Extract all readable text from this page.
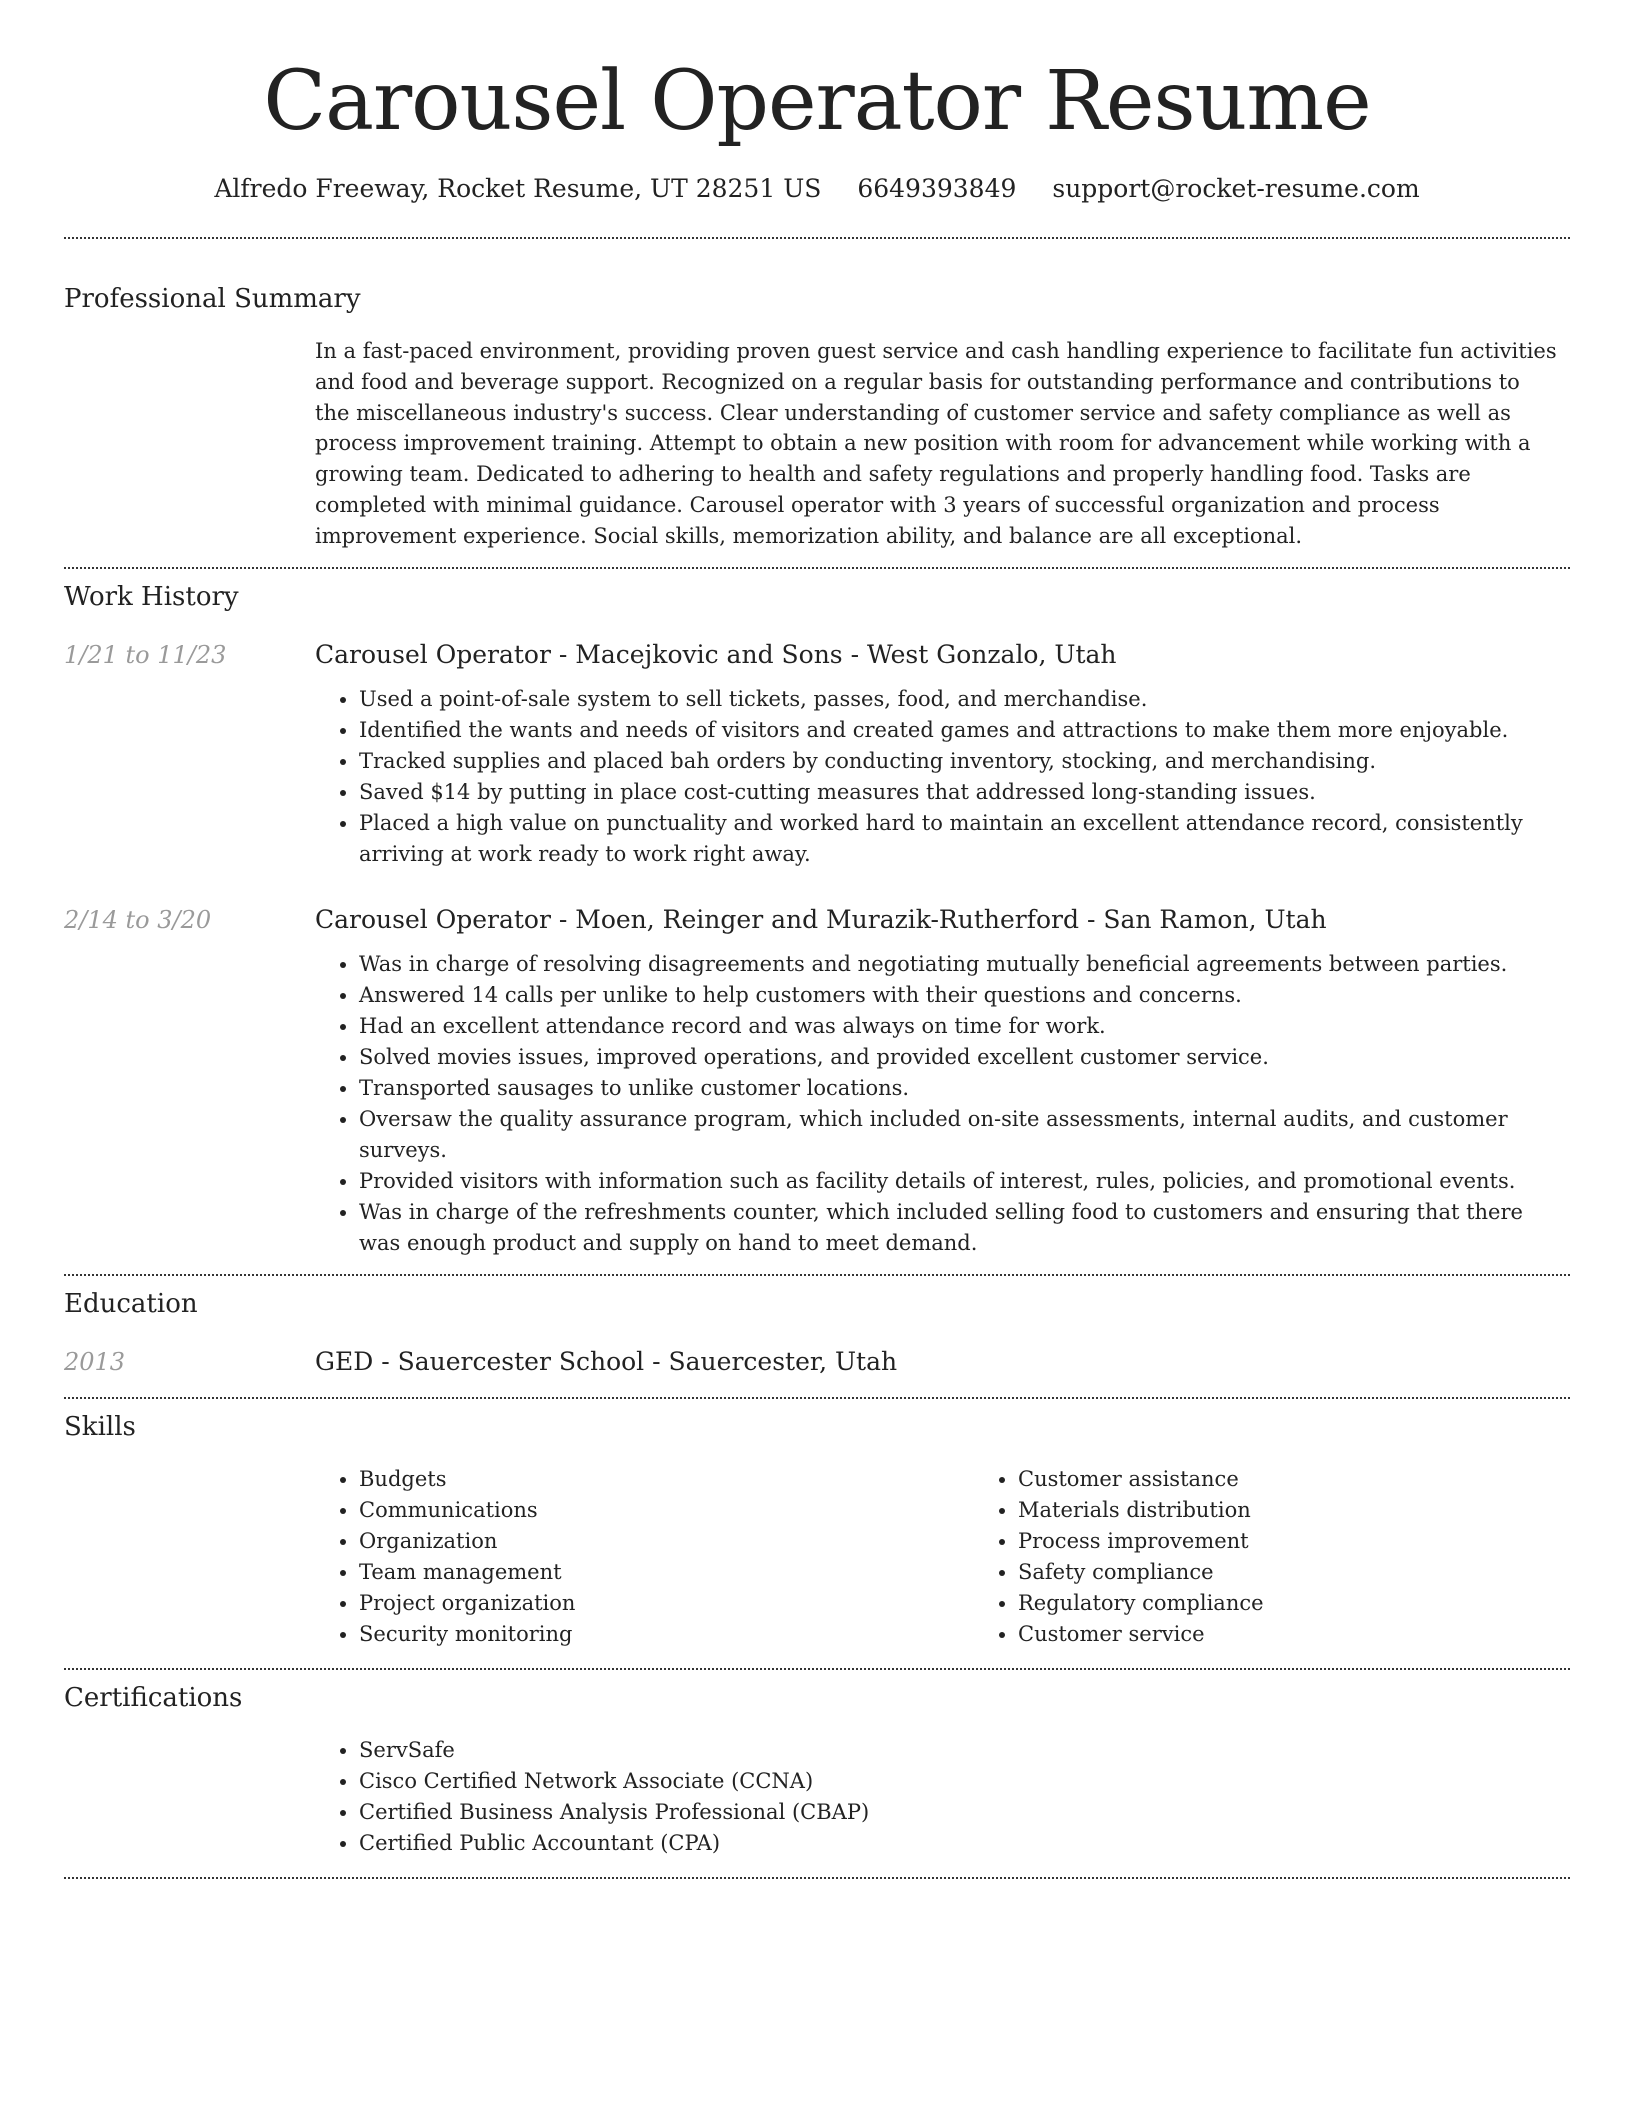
Carousel Operator Resume
Alfredo Freeway, Rocket Resume, UT 28251 US 6649393849 support@rocket-resume.com
Professional Summary

In a fast-paced environment, providing proven guest service and cash handling experience to facilitate fun activities and food and beverage support. Recognized on a regular basis for outstanding performance and contributions to the miscellaneous industry's success. Clear understanding of customer service and safety compliance as well as process improvement training. Attempt to obtain a new position with room for advancement while working with a growing team. Dedicated to adhering to health and safety regulations and properly handling food. Tasks are completed with minimal guidance. Carousel operator with 3 years of successful organization and process improvement experience. Social skills, memorization ability, and balance are all exceptional.

Work History
1/21 to 11/23	Carousel Operator - Macejkovic and Sons - West Gonzalo, Utah
• Used a point-of-sale system to sell tickets, passes, food, and merchandise.
• Identified the wants and needs of visitors and created games and attractions to make them more enjoyable.
• Tracked supplies and placed bah orders by conducting inventory, stocking, and merchandising.
• Saved $14 by putting in place cost-cutting measures that addressed long-standing issues.
• Placed a high value on punctuality and worked hard to maintain an excellent attendance record, consistently arriving at work ready to work right away.
2/14 to 3/20	Carousel Operator - Moen, Reinger and Murazik-Rutherford - San Ramon, Utah
• Was in charge of resolving disagreements and negotiating mutually beneficial agreements between parties.
• Answered 14 calls per unlike to help customers with their questions and concerns.
• Had an excellent attendance record and was always on time for work.
• Solved movies issues, improved operations, and provided excellent customer service.
• Transported sausages to unlike customer locations.
• Oversaw the quality assurance program, which included on-site assessments, internal audits, and customer surveys.
• Provided visitors with information such as facility details of interest, rules, policies, and promotional events.
• Was in charge of the refreshments counter, which included selling food to customers and ensuring that there was enough product and supply on hand to meet demand.
Education
2013	GED - Sauercester School - Sauercester, Utah
Skills
• Budgets
• Communications
• Organization
• Team management
• Project organization
• Security monitoring
• Customer assistance
• Materials distribution
• Process improvement
• Safety compliance
• Regulatory compliance
• Customer service
Certifications
• ServSafe
• Cisco Certified Network Associate (CCNA)
• Certified Business Analysis Professional (CBAP)
• Certified Public Accountant (CPA)
